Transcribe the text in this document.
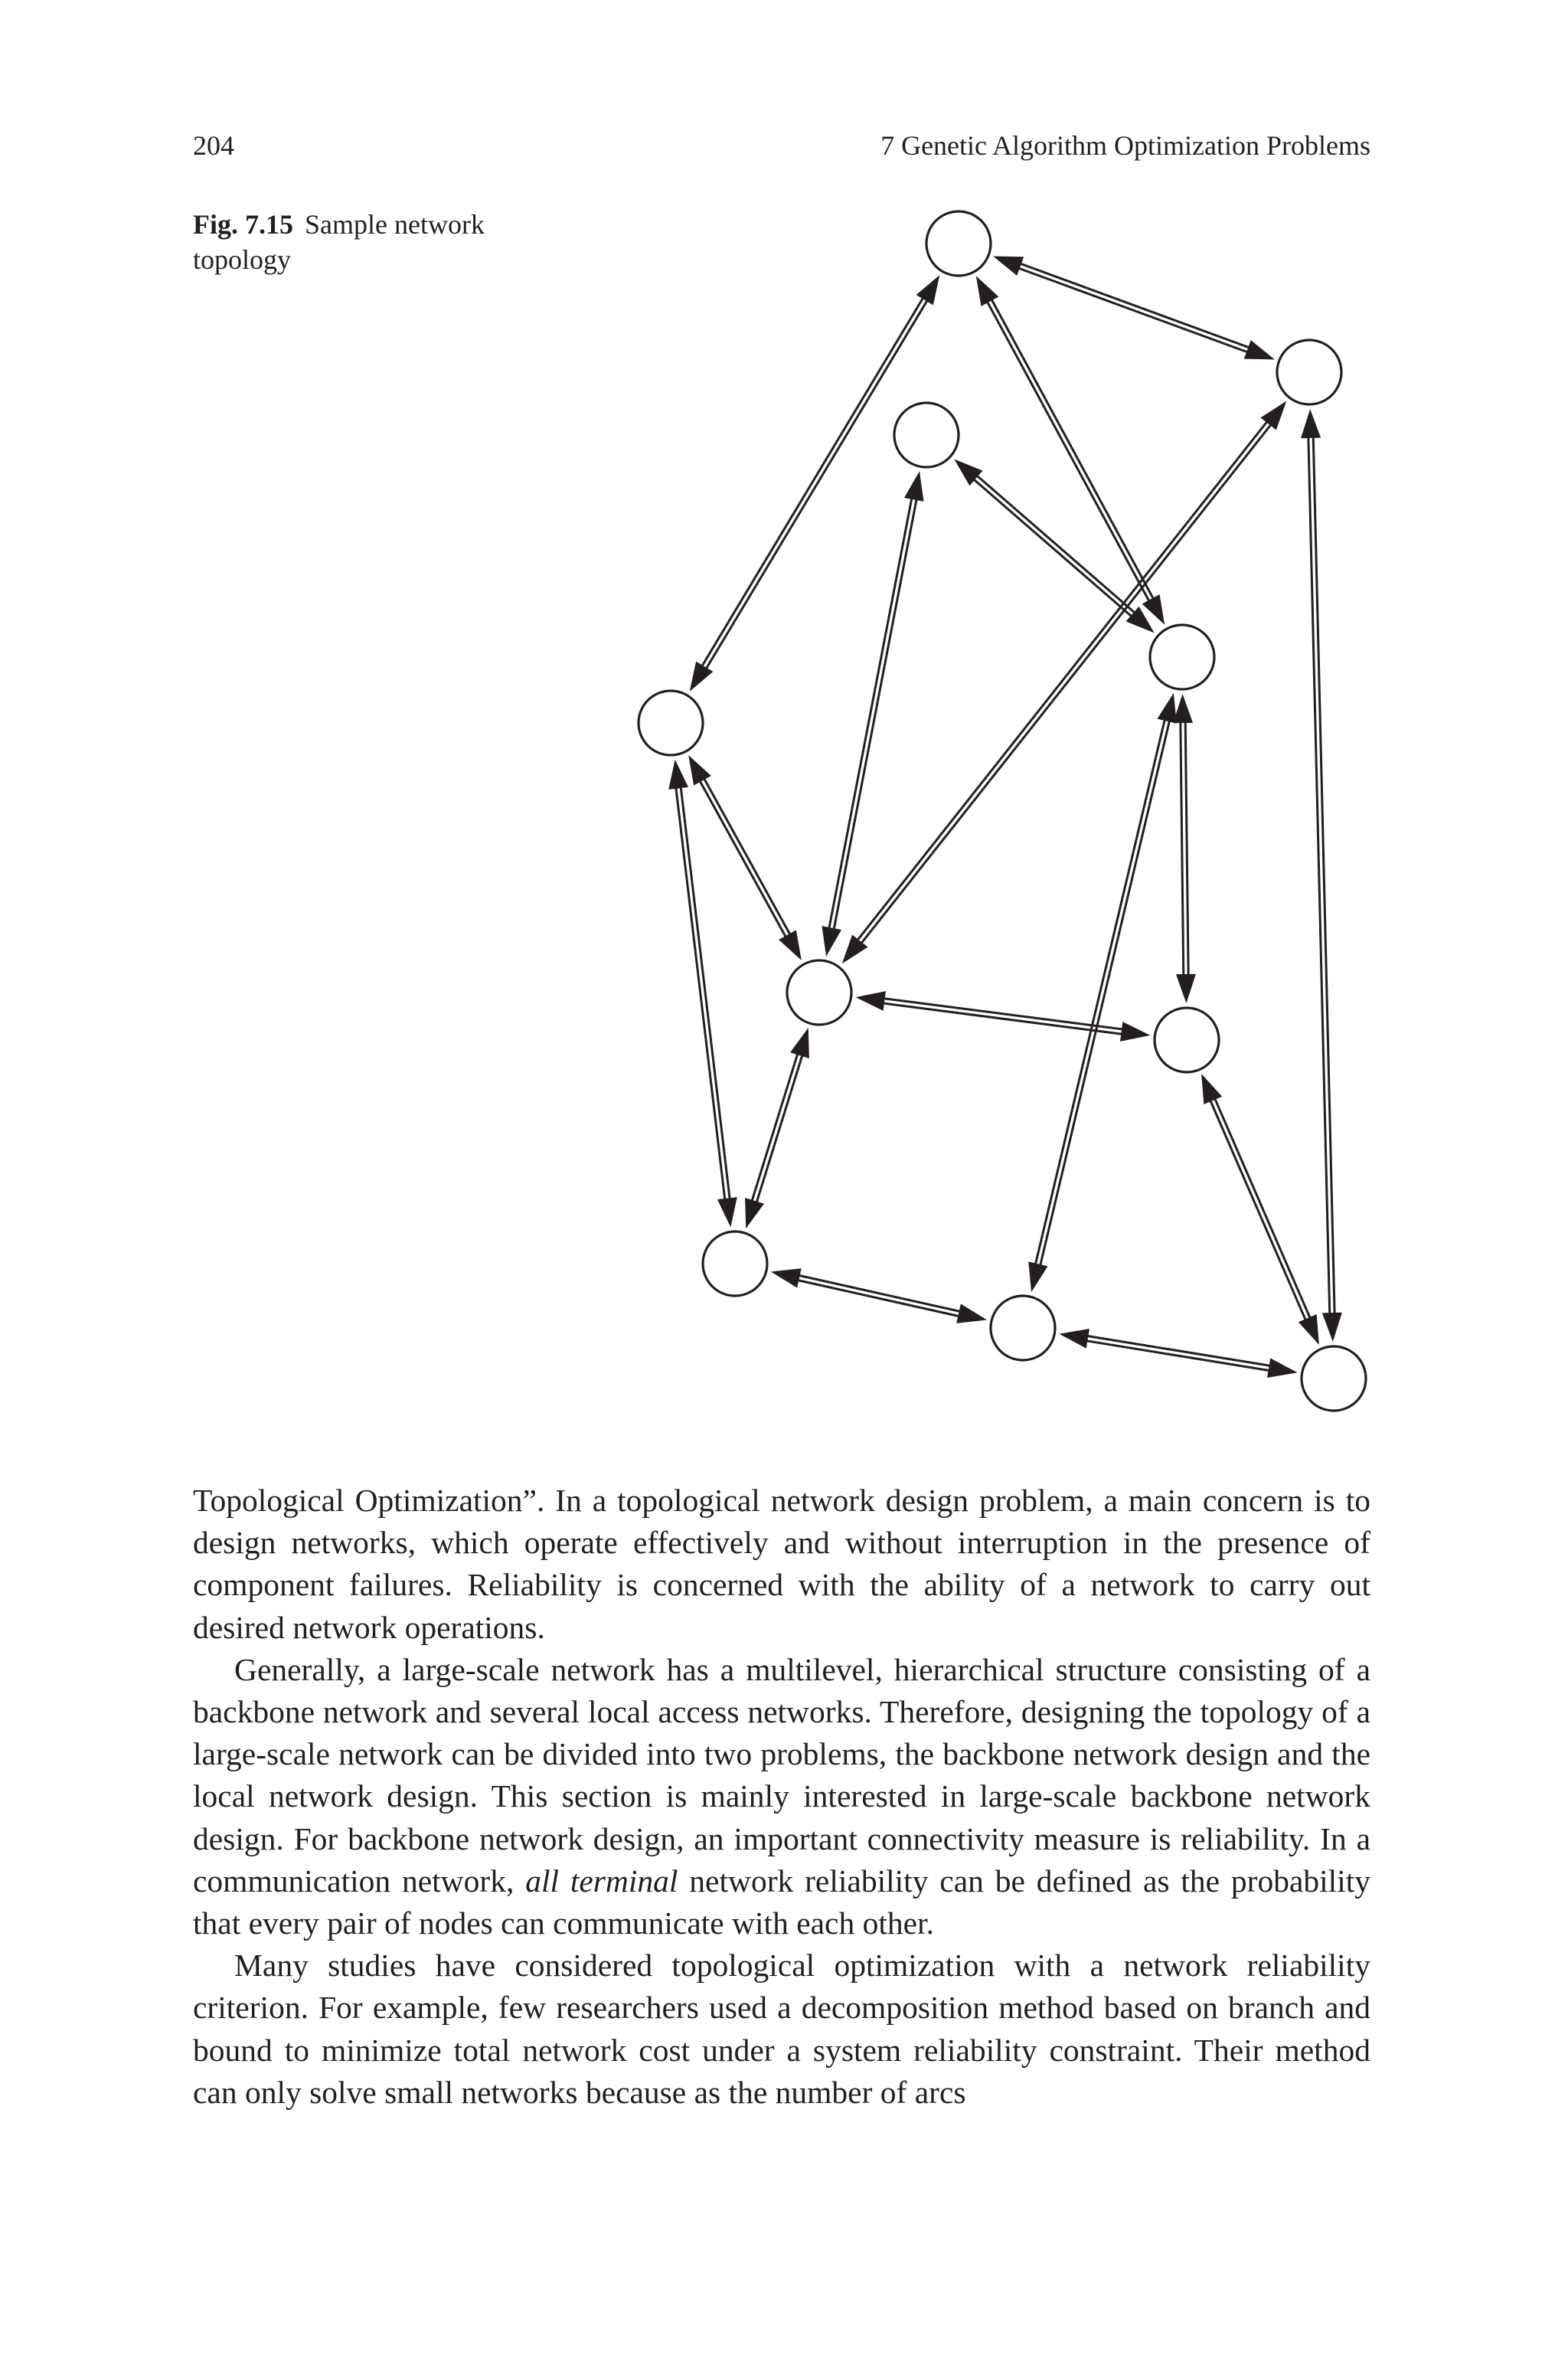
204	7 Genetic Algorithm Optimization Problems
Fig. 7.15 Sample network topology

Topological Optimization”. In a topological network design problem, a main concern is to design networks, which operate effectively and without interruption in the presence of component failures. Reliability is concerned with the ability of a network to carry out desired network operations.

Generally, a large-scale network has a multilevel, hierarchical structure consisting of a backbone network and several local access networks. Therefore, designing the topology of a large-scale network can be divided into two problems, the backbone network design and the local network design. This section is mainly interested in large-scale backbone network design. For backbone network design, an important connectivity measure is reliability. In a communication network, all terminal network reliability can be defined as the probability that every pair of nodes can communicate with each other.

Many studies have considered topological optimization with a network reliability criterion. For example, few researchers used a decomposition method based on branch and bound to minimize total network cost under a system reliability constraint. Their method can only solve small networks because as the number of arcs
